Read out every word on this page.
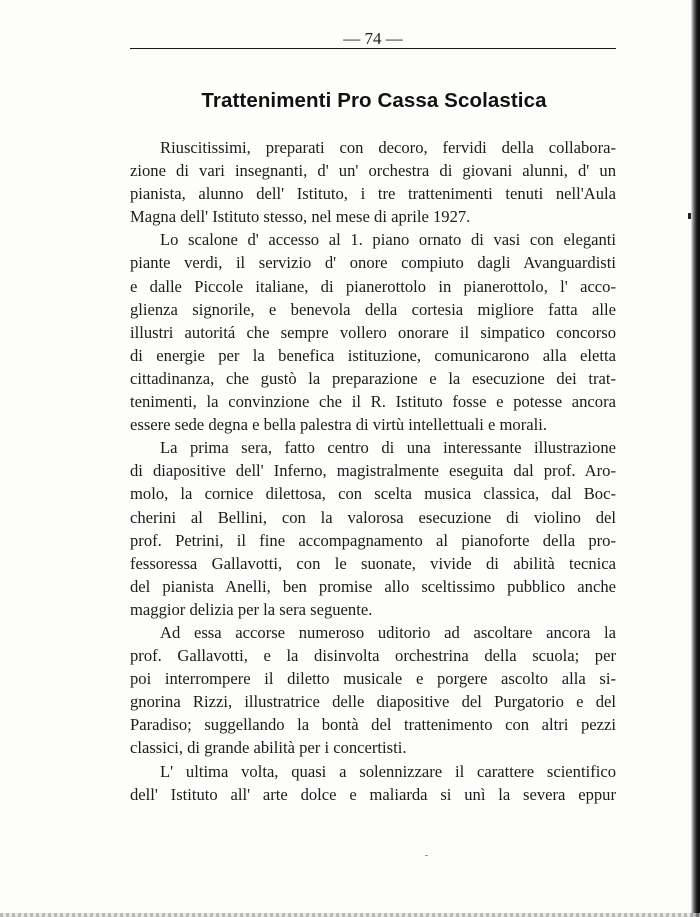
— 74 —
Trattenimenti Pro Cassa Scolastica
Riuscitissimi, preparati con decoro, fervidi della collabora-
zione di vari insegnanti, d' un' orchestra di giovani alunni, d' un
pianista, alunno dell' Istituto, i tre trattenimenti tenuti nell'Aula
Magna dell' Istituto stesso, nel mese di aprile 1927.
Lo scalone d' accesso al 1. piano ornato di vasi con eleganti
piante verdi, il servizio d' onore compiuto dagli Avanguardisti
e dalle Piccole italiane, di pianerottolo in pianerottolo, l' acco-
glienza signorile, e benevola della cortesia migliore fatta alle
illustri autoritá che sempre vollero onorare il simpatico concorso
di energie per la benefica istituzione, comunicarono alla eletta
cittadinanza, che gustò la preparazione e la esecuzione dei trat-
tenimenti, la convinzione che il R. Istituto fosse e potesse ancora
essere sede degna e bella palestra di virtù intellettuali e morali.
La prima sera, fatto centro di una interessante illustrazione
di diapositive dell' Inferno, magistralmente eseguita dal prof. Aro-
molo, la cornice dilettosa, con scelta musica classica, dal Boc-
cherini al Bellini, con la valorosa esecuzione di violino del
prof. Petrini, il fine accompagnamento al pianoforte della pro-
fessoressa Gallavotti, con le suonate, vivide di abilità tecnica
del pianista Anelli, ben promise allo sceltissimo pubblico anche
maggior delizia per la sera seguente.
Ad essa accorse numeroso uditorio ad ascoltare ancora la
prof. Gallavotti, e la disinvolta orchestrina della scuola; per
poi interrompere il diletto musicale e porgere ascolto alla si-
gnorina Rizzi, illustratrice delle diapositive del Purgatorio e del
Paradiso; suggellando la bontà del trattenimento con altri pezzi
classici, di grande abilità per i concertisti.
L' ultima volta, quasi a solennizzare il carattere scientifico
dell' Istituto all' arte dolce e maliarda si unì la severa eppur
